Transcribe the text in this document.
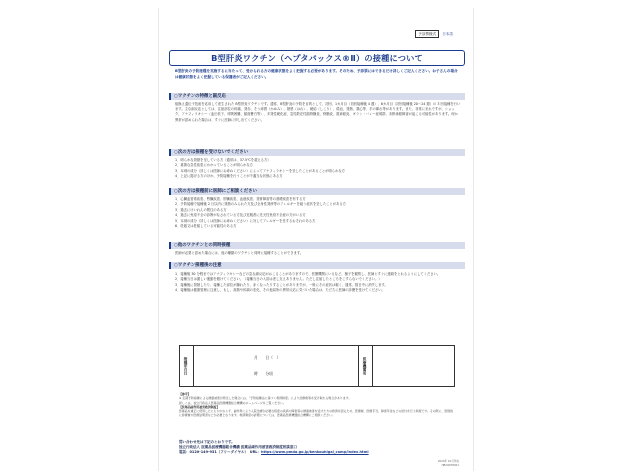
予診票様式	日本語
B型肝炎ワクチン（ヘプタバックス®Ⅱ）の接種について
B型肝炎の予防接種を実施するに当たって、受けられる方の健康状態をよく把握する必要があります。そのため、予診票にはできるだけ詳しくご記入ください。お子さんの場合は健康状態をよく把握している保護者がご記入ください。
○ワクチンの特徴と副反応
組換え遺伝子技術を応用して産生された B型肝炎ワクチンです。通常、B型肝炎の予防を目的として、初回、1カ月目（初回接種後 4 週）、6カ月目（初回接種後 20〜24 週）の 3 回接種を行います。主な副反応としては、注射部位の疼痛、発赤、そう痒感（かゆみ）、熱感（はれ）、硬結（しこり）、倦怠、発熱、悪心等、手の痺れ等があります。また、非常にまれですが、ショック、アナフィラキシー（血圧低下、呼吸困難、顔面蒼白等）、多発性硬化症、急性散在性脳脊髄炎、脊髄炎、視神経炎、ギラン・バレー症候群、末梢神経障害が起こる可能性があります。何か異常が認められた場合は、すぐに医師に申し出てください。
○次の方は接種を受けないでください
1．明らかな発熱を呈している方（通常は、37.5℃を超える方）
2．重篤な急性疾患にかかっていることが明らかな方
3．本剤の成分（詳しくは医師にお尋ねください）によってアナフィラキシーを呈したことがあることが明らかな方
4．上記に掲げる方のほか、予防接種を行うことが不適当な状態にある方
○次の方は接種前に医師にご相談ください
1．心臓血管系疾患、腎臓疾患、肝臓疾患、血液疾患、発育障害等の基礎疾患を有する方
2．予防接種で接種後 2 日以内に発熱のみられた方及び全身性発疹等のアレルギーを疑う症状を呈したことがある方
3．過去にけいれんの既往のある方
4．過去に免疫不全の診断がなされている方及び近親者に先天性免疫不全症の方がいる方
5．本剤の成分（詳しくは医師にお尋ねください）に対してアレルギーを呈するおそれのある方
6．妊娠又は妊娠している可能性のある方
○他のワクチンとの同時接種
医師が必要と認めた場合には、他の種類のワクチンと同時に接種することができます。
○ワクチン接種後の注意
1．接種後 30 分程まではアナフィラキシーなどの急な副反応がおこることがありますので、医療機関にいるなど、様子を観察し、医師とすぐに連絡をとれるようにしてください。
2．接種当日は激しい運動を避けてください。（接種当日の入浴は差し支えありません。ただし注射したところをこすらないでください。）
3．接種後に発熱したり、接種した部位が腫れたり、赤くなったりすることがありますが、一般にその症状は軽く、通常、数日中に消失します。
4．接種後は健康管理に注意し、もし、高熱や体調の変化、その他局所の異常反応に気づいた場合は、ただちに医師の診療を受けてください。
接種年月日	月　　日（　）
時　　分頃	医療機関名
【参考】
※ 定期予防接種による健康被害が発生した場合には、「予防接種法に基づく救済制度」により治療費等を受け取れる場合があります。
詳しくは、独立行政法人医薬品医療機器総合機構のホームページをご覧ください。
【医薬品副作用被害救済制度】
医薬品を適正に使用したにもかかわらず、副作用により入院治療が必要な程度の疾病や障害等の健康被害を受けた方の救済を図るため、医療費、医療手当、障害年金などの給付を行う制度です。その際に、原則的に診療費や医療証明書などが必要となります。救済制度の詳細については、医薬品医療機器総合機構にご相談ください。
問い合わせ先は下記のとおりです。
独立行政法人 医薬品医療機器総合機構 医薬品副作用被害救済制度相談窓口
電話：0120-149-931（フリーダイヤル）　URL：https://www.pmda.go.jp/kenkouhigai_camp/index.html
2020年 10月作成
HB2Q6TR001
